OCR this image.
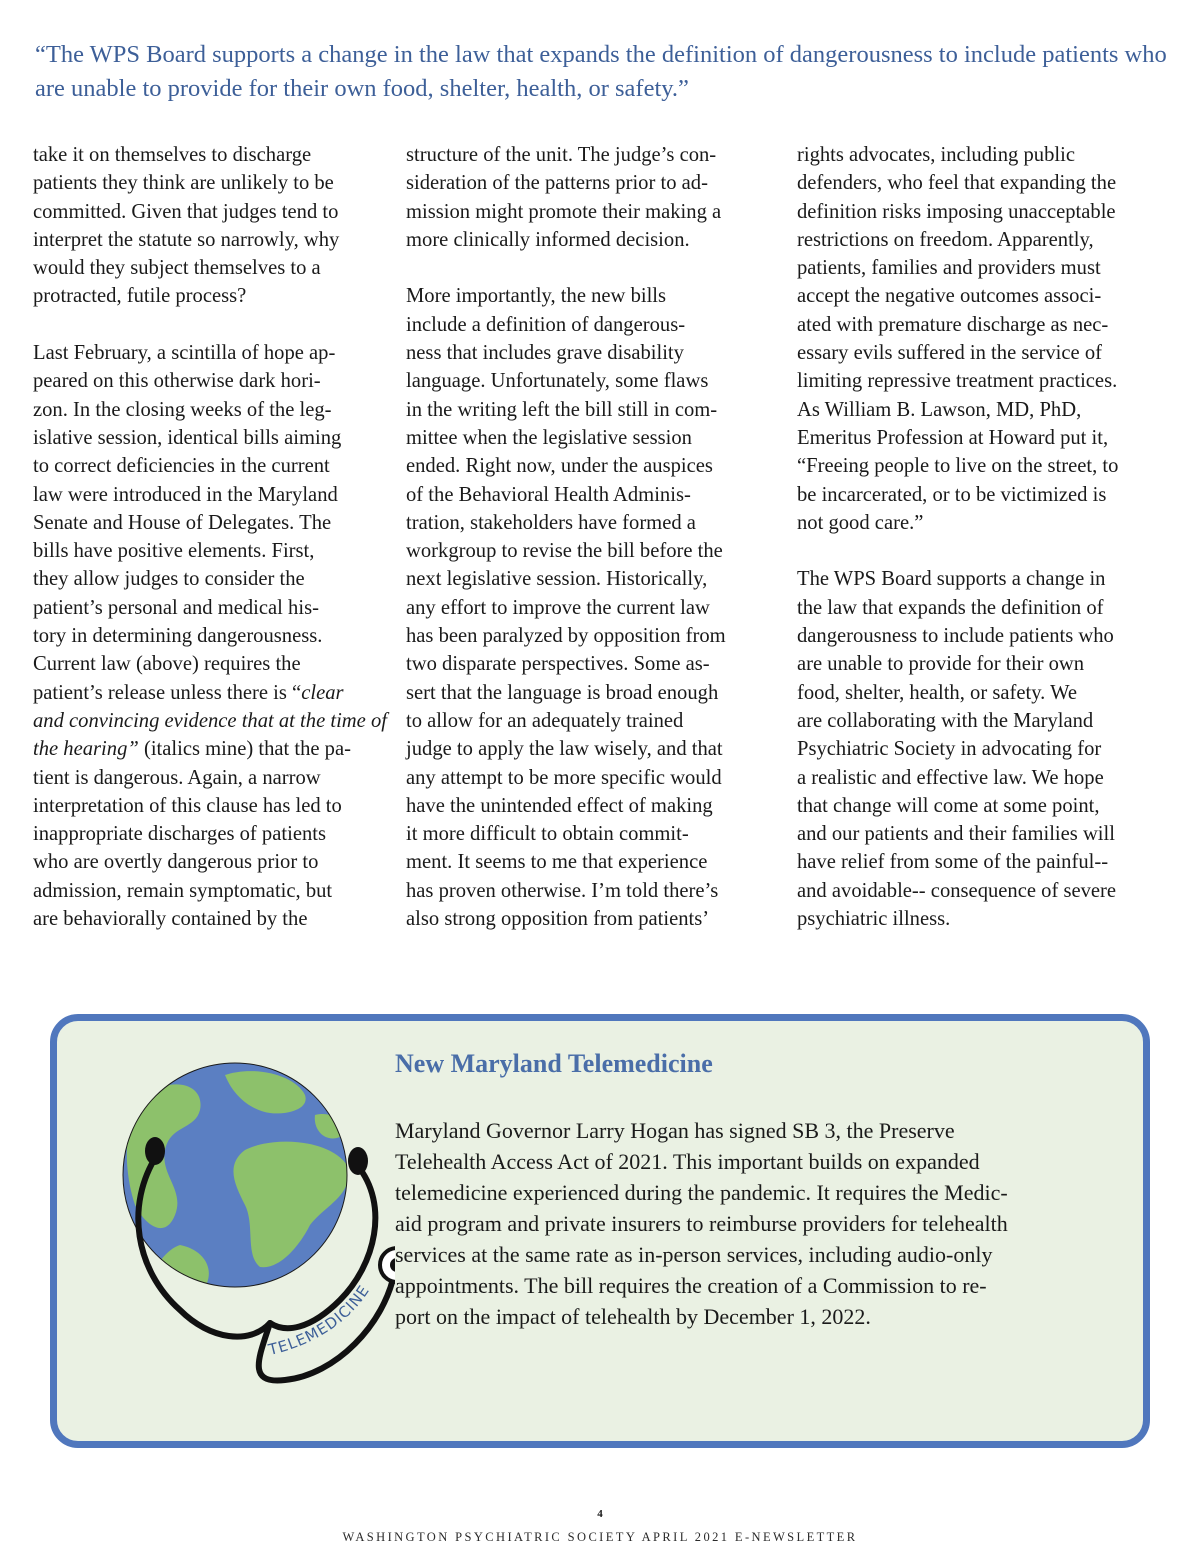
“The WPS Board supports a change in the law that expands the definition of dangerousness to include patients who are unable to provide for their own food, shelter, health, or safety.”

take it on themselves to discharge
patients they think are unlikely to be
committed. Given that judges tend to
interpret the statute so narrowly, why
would they subject themselves to a
protracted, futile process?

Last February, a scintilla of hope ap-
peared on this otherwise dark hori-
zon. In the closing weeks of the leg-
islative session, identical bills aiming
to correct deficiencies in the current
law were introduced in the Maryland
Senate and House of Delegates. The
bills have positive elements. First,
they allow judges to consider the
patient’s personal and medical his-
tory in determining dangerousness.
Current law (above) requires the
patient’s release unless there is “clear
and convincing evidence that at the time of
the hearing” (italics mine) that the pa-
tient is dangerous. Again, a narrow
interpretation of this clause has led to
inappropriate discharges of patients
who are overtly dangerous prior to
admission, remain symptomatic, but
are behaviorally contained by the

structure of the unit. The judge’s con-
sideration of the patterns prior to ad-
mission might promote their making a
more clinically informed decision.

More importantly, the new bills
include a definition of dangerous-
ness that includes grave disability
language. Unfortunately, some flaws
in the writing left the bill still in com-
mittee when the legislative session
ended. Right now, under the auspices
of the Behavioral Health Adminis-
tration, stakeholders have formed a
workgroup to revise the bill before the
next legislative session. Historically,
any effort to improve the current law
has been paralyzed by opposition from
two disparate perspectives. Some as-
sert that the language is broad enough
to allow for an adequately trained
judge to apply the law wisely, and that
any attempt to be more specific would
have the unintended effect of making
it more difficult to obtain commit-
ment. It seems to me that experience
has proven otherwise. I’m told there’s
also strong opposition from patients’

rights advocates, including public
defenders, who feel that expanding the
definition risks imposing unacceptable
restrictions on freedom. Apparently,
patients, families and providers must
accept the negative outcomes associ-
ated with premature discharge as nec-
essary evils suffered in the service of
limiting repressive treatment practices.
As William B. Lawson, MD, PhD,
Emeritus Profession at Howard put it,
“Freeing people to live on the street, to
be incarcerated, or to be victimized is
not good care.”

The WPS Board supports a change in
the law that expands the definition of
dangerousness to include patients who
are unable to provide for their own
food, shelter, health, or safety. We
are collaborating with the Maryland
Psychiatric Society in advocating for
a realistic and effective law. We hope
that change will come at some point,
and our patients and their families will
have relief from some of the painful--
and avoidable-- consequence of severe
psychiatric illness.

TELEMEDICINE
New Maryland Telemedicine

Maryland Governor Larry Hogan has signed SB 3, the Preserve
Telehealth Access Act of 2021. This important builds on expanded
telemedicine experienced during the pandemic. It requires the Medic-
aid program and private insurers to reimburse providers for telehealth
services at the same rate as in-person services, including audio-only
appointments. The bill requires the creation of a Commission to re-
port on the impact of telehealth by December 1, 2022.

4
WASHINGTON PSYCHIATRIC SOCIETY APRIL 2021 E-NEWSLETTER
